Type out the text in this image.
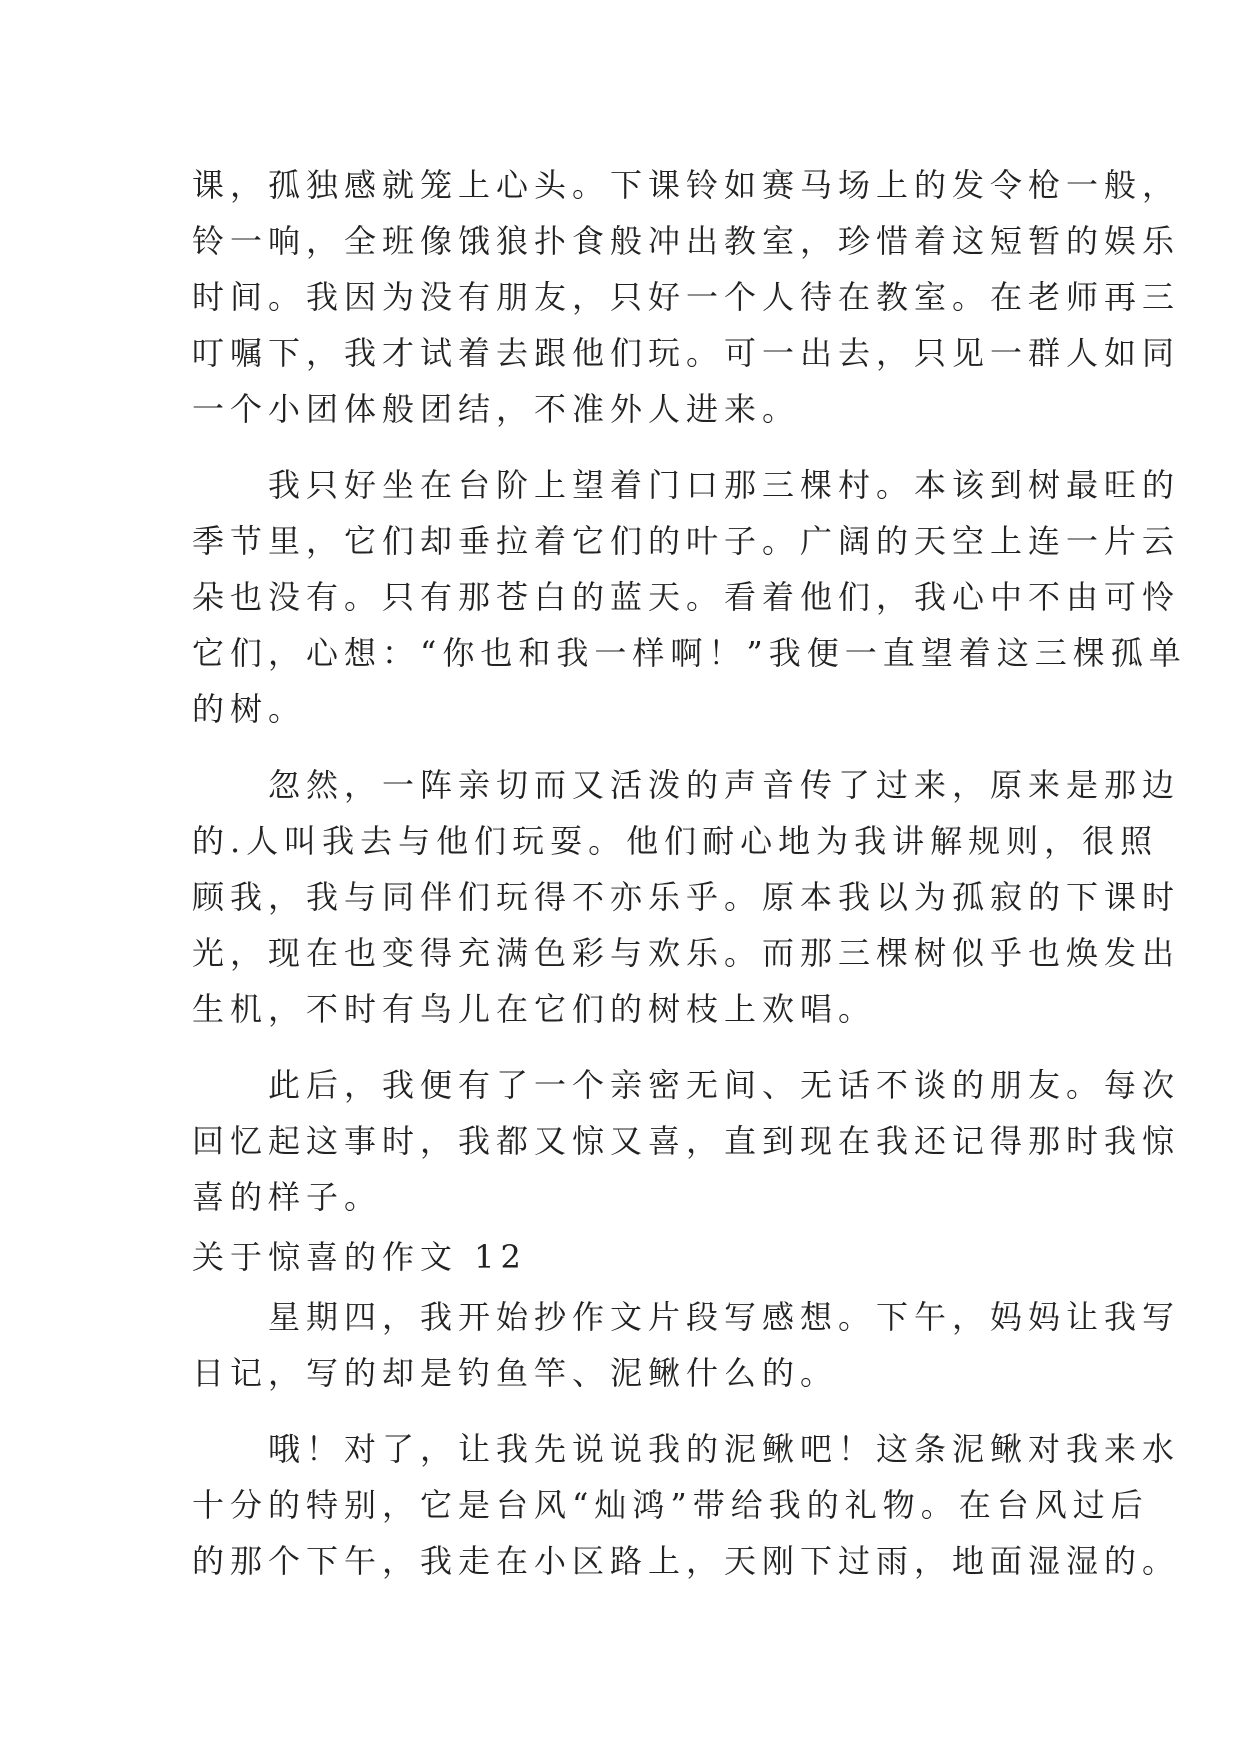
课，孤独感就笼上心头。下课铃如赛马场上的发令枪一般，
铃一响，全班像饿狼扑食般冲出教室，珍惜着这短暂的娱乐
时间。我因为没有朋友，只好一个人待在教室。在老师再三
叮嘱下，我才试着去跟他们玩。可一出去，只见一群人如同
一个小团体般团结，不准外人进来。
　　我只好坐在台阶上望着门口那三棵村。本该到树最旺的
季节里，它们却垂拉着它们的叶子。广阔的天空上连一片云
朵也没有。只有那苍白的蓝天。看着他们，我心中不由可怜
它们，心想：“你也和我一样啊！”我便一直望着这三棵孤单
的树。
　　忽然，一阵亲切而又活泼的声音传了过来，原来是那边
的.人叫我去与他们玩耍。他们耐心地为我讲解规则，很照
顾我，我与同伴们玩得不亦乐乎。原本我以为孤寂的下课时
光，现在也变得充满色彩与欢乐。而那三棵树似乎也焕发出
生机，不时有鸟儿在它们的树枝上欢唱。
　　此后，我便有了一个亲密无间、无话不谈的朋友。每次
回忆起这事时，我都又惊又喜，直到现在我还记得那时我惊
喜的样子。
关于惊喜的作文 12
　　星期四，我开始抄作文片段写感想。下午，妈妈让我写
日记，写的却是钓鱼竿、泥鳅什么的。
　　哦！对了，让我先说说我的泥鳅吧！这条泥鳅对我来水
十分的特别，它是台风“灿鸿”带给我的礼物。在台风过后
的那个下午，我走在小区路上，天刚下过雨，地面湿湿的。
